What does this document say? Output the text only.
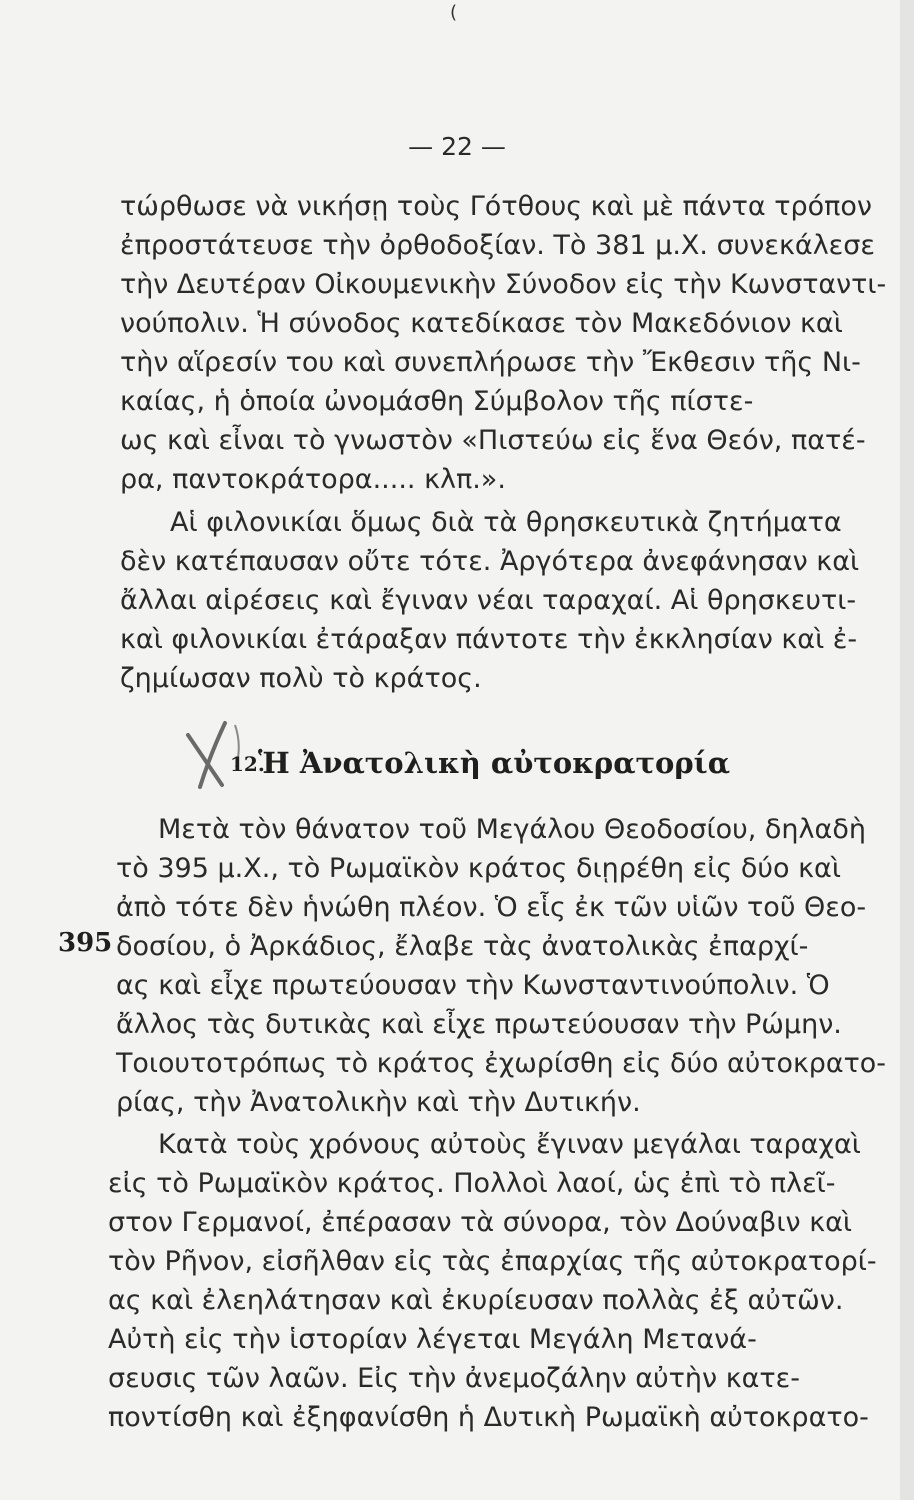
(
— 22 —
τώρθωσε νὰ νικήσῃ τοὺς Γότθους καὶ μὲ πάντα τρόπον
ἐπροστάτευσε τὴν ὀρθοδοξίαν. Τὸ 381 μ.Χ. συνεκάλεσε
τὴν Δευτέραν Οἰκουμενικὴν Σύνοδον εἰς τὴν Κωνσταντι-
νούπολιν. Ἡ σύνοδος κατεδίκασε τὸν Μακεδόνιον καὶ
τὴν αἵρεσίν του καὶ συνεπλήρωσε τὴν Ἔκθεσιν τῆς Νι-
καίας, ἡ ὁποία ὠνομάσθη Σύμβολον τῆς πίστε-
ως καὶ εἶναι τὸ γνωστὸν «Πιστεύω εἰς ἕνα Θεόν, πατέ-
ρα, παντοκράτορα..... κλπ.».
Αἱ φιλονικίαι ὅμως διὰ τὰ θρησκευτικὰ ζητήματα
δὲν κατέπαυσαν οὔτε τότε. Ἀργότερα ἀνεφάνησαν καὶ
ἄλλαι αἱρέσεις καὶ ἔγιναν νέαι ταραχαί. Αἱ θρησκευτι-
καὶ φιλονικίαι ἐτάραξαν πάντοτε τὴν ἐκκλησίαν καὶ ἐ-
ζημίωσαν πολὺ τὸ κράτος.
12.
Ἡ Ἀνατολικὴ αὐτοκρατορία
395
Μετὰ τὸν θάνατον τοῦ Μεγάλου Θεοδοσίου, δηλαδὴ
τὸ 395 μ.Χ., τὸ Ρωμαϊκὸν κράτος διῃρέθη εἰς δύο καὶ
ἀπὸ τότε δὲν ἡνώθη πλέον. Ὁ εἷς ἐκ τῶν υἱῶν τοῦ Θεο-
δοσίου, ὁ Ἀρκάδιος, ἔλαβε τὰς ἀνατολικὰς ἐπαρχί-
ας καὶ εἶχε πρωτεύουσαν τὴν Κωνσταντινούπολιν. Ὁ
ἄλλος τὰς δυτικὰς καὶ εἶχε πρωτεύουσαν τὴν Ρώμην.
Τοιουτοτρόπως τὸ κράτος ἐχωρίσθη εἰς δύο αὐτοκρατο-
ρίας, τὴν Ἀνατολικὴν καὶ τὴν Δυτικήν.
Κατὰ τοὺς χρόνους αὐτοὺς ἔγιναν μεγάλαι ταραχαὶ
εἰς τὸ Ρωμαϊκὸν κράτος. Πολλοὶ λαοί, ὡς ἐπὶ τὸ πλεῖ-
στον Γερμανοί, ἐπέρασαν τὰ σύνορα, τὸν Δούναβιν καὶ
τὸν Ρῆνον, εἰσῆλθαν εἰς τὰς ἐπαρχίας τῆς αὐτοκρατορί-
ας καὶ ἐλεηλάτησαν καὶ ἐκυρίευσαν πολλὰς ἐξ αὐτῶν.
Αὐτὴ εἰς τὴν ἱστορίαν λέγεται Μεγάλη Μετανά-
σευσις τῶν λαῶν. Εἰς τὴν ἀνεμοζάλην αὐτὴν κατε-
ποντίσθη καὶ ἐξηφανίσθη ἡ Δυτικὴ Ρωμαϊκὴ αὐτοκρατο-
